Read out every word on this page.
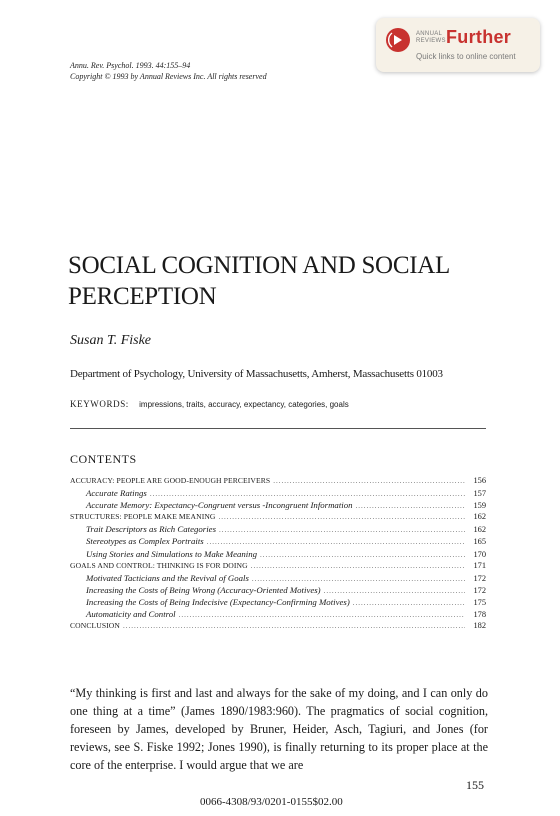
ANNUAL
REVIEWS Further
Quick links to online content
Annu. Rev. Psychol. 1993. 44:155–94
Copyright © 1993 by Annual Reviews Inc. All rights reserved
SOCIAL COGNITION AND SOCIAL PERCEPTION
Susan T. Fiske
Department of Psychology, University of Massachusetts, Amherst, Massachusetts 01003
KEYWORDS: impressions, traits, accuracy, expectancy, categories, goals
CONTENTS
ACCURACY: PEOPLE ARE GOOD-ENOUGH PERCEIVERS .....	156
Accurate Ratings .....	157
Accurate Memory: Expectancy-Congruent versus -Incongruent Information .....	159
STRUCTURES: PEOPLE MAKE MEANING .....	162
Trait Descriptors as Rich Categories .....	162
Stereotypes as Complex Portraits .....	165
Using Stories and Simulations to Make Meaning .....	170
GOALS AND CONTROL: THINKING IS FOR DOING .....	171
Motivated Tacticians and the Revival of Goals .....	172
Increasing the Costs of Being Wrong (Accuracy-Oriented Motives) .....	172
Increasing the Costs of Being Indecisive (Expectancy-Confirming Motives) .....	175
Automaticity and Control .....	178
CONCLUSION .....	182

“My thinking is first and last and always for the sake of my doing, and I can only do one thing at a time” (James 1890/1983:960). The pragmatics of social cognition, foreseen by James, developed by Bruner, Heider, Asch, Tagiuri, and Jones (for reviews, see S. Fiske 1992; Jones 1990), is finally returning to its proper place at the core of the enterprise. I would argue that we are

155
0066-4308/93/0201-0155$02.00
